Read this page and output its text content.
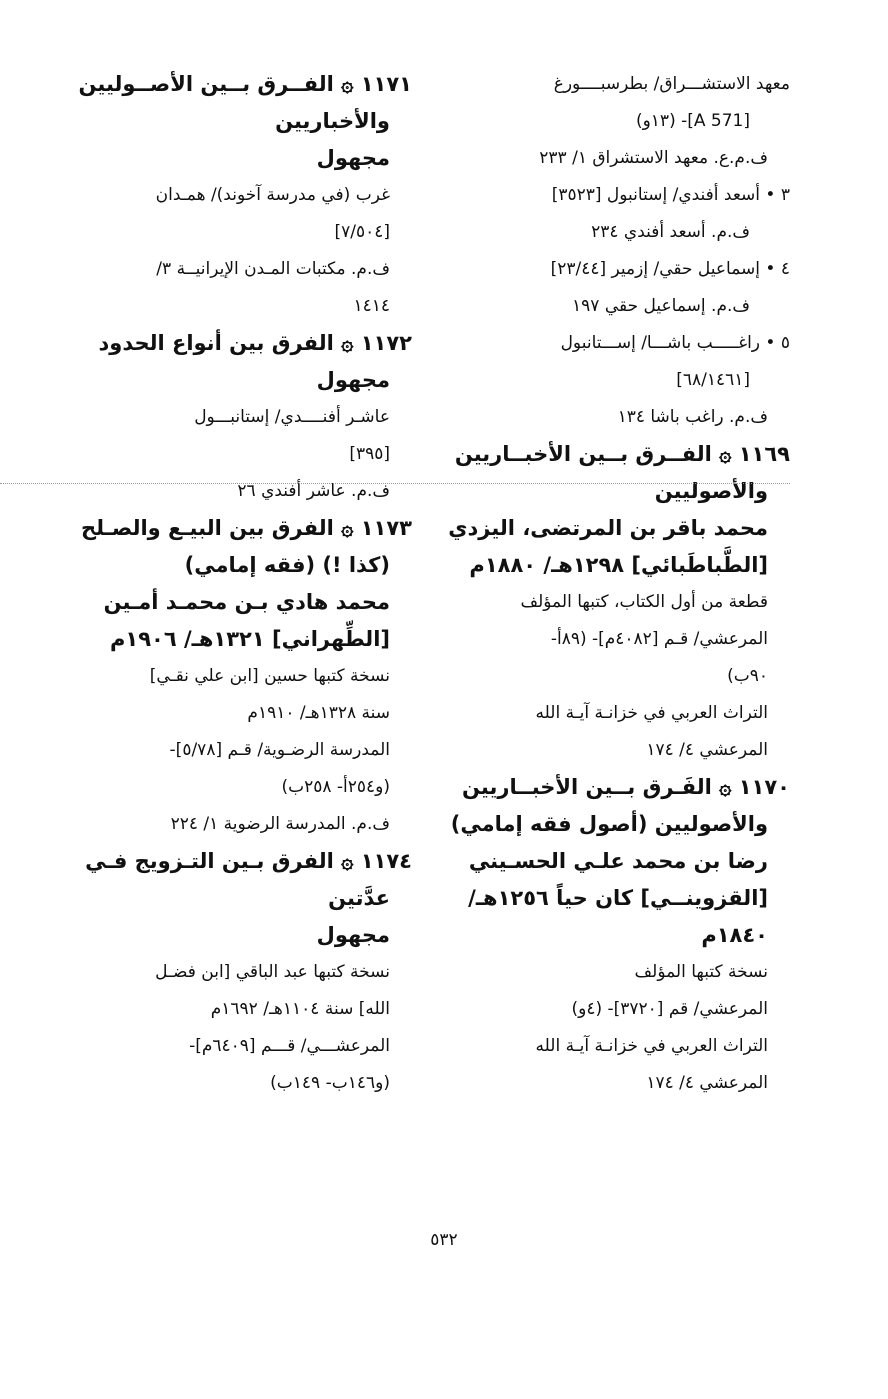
معهد الاستشـــراق/ بطرسبــــورغ
[A 571]- (١٣و)
ف.م.ع. معهد الاستشراق ١/ ٢٣٣
٣ • أسعد أفندي/ إستانبول [٣٥٢٣]
ف.م. أسعد أفندي ٢٣٤
٤ • إسماعيل حقي/ إزمير [٢٣/٤٤]
ف.م. إسماعيل حقي ١٩٧
٥ • راغـــــب باشـــا/ إســـتانبول
[٦٨/١٤٦١]
ف.م. راغب باشا ١٣٤
١١٦٩ ۞ الفــرق بــين الأخبــاريين
والأصوليين
محمد باقر بن المرتضى، اليزدي
[الطَّباطَبائي] ١٢٩٨هـ/ ١٨٨٠م
قطعة من أول الكتاب، كتبها المؤلف
المرعشي/ قـم [٤٠٨٢م]- (٨٩أ-
٩٠ب)
التراث العربي في خزانـة آيـة الله
المرعشي ٤/ ١٧٤
١١٧٠ ۞ الفَـرق بــين الأخبــاريين
والأصوليين (أصول فقه إمامي)
رضا بن محمد علـي الحسـيني
[القزوينــي] كان حياً ١٢٥٦هـ/
١٨٤٠م
نسخة كتبها المؤلف
المرعشي/ قم [٣٧٢٠]- (٤و)
التراث العربي في خزانـة آيـة الله
المرعشي ٤/ ١٧٤
١١٧١ ۞ الفــرق بــين الأصــوليين
والأخباريين
مجهول
غرب (في مدرسة آخوند)/ همـدان
[٧/٥٠٤]
ف.م. مكتبات المـدن الإيرانيــة ٣/
١٤١٤
١١٧٢ ۞ الفرق بين أنواع الحدود
مجهول
عاشـر أفنــــدي/ إستانبـــول
[٣٩٥]
ف.م. عاشر أفندي ٢٦
١١٧٣ ۞ الفرق بين البيـع والصـلح
(كذا !) (فقه إمامي)
محمد هادي بـن محمـد أمـين
[الطِّهراني] ١٣٢١هـ/ ١٩٠٦م
نسخة كتبها حسين [ابن علي نقـي]
سنة ١٣٢٨هـ/ ١٩١٠م
المدرسة الرضـوية/ قـم [٥/٧٨]-
(و٢٥٤أ- ٢٥٨ب)
ف.م. المدرسة الرضوية ١/ ٢٢٤
١١٧٤ ۞ الفرق بـين التـزويج فـي
عدَّتين
مجهول
نسخة كتبها عبد الباقي [ابن فضـل
الله] سنة ١١٠٤هـ/ ١٦٩٢م
المرعشـــي/ قـــم [٦٤٠٩م]-
(و١٤٦ب- ١٤٩ب)
٥٣٢
